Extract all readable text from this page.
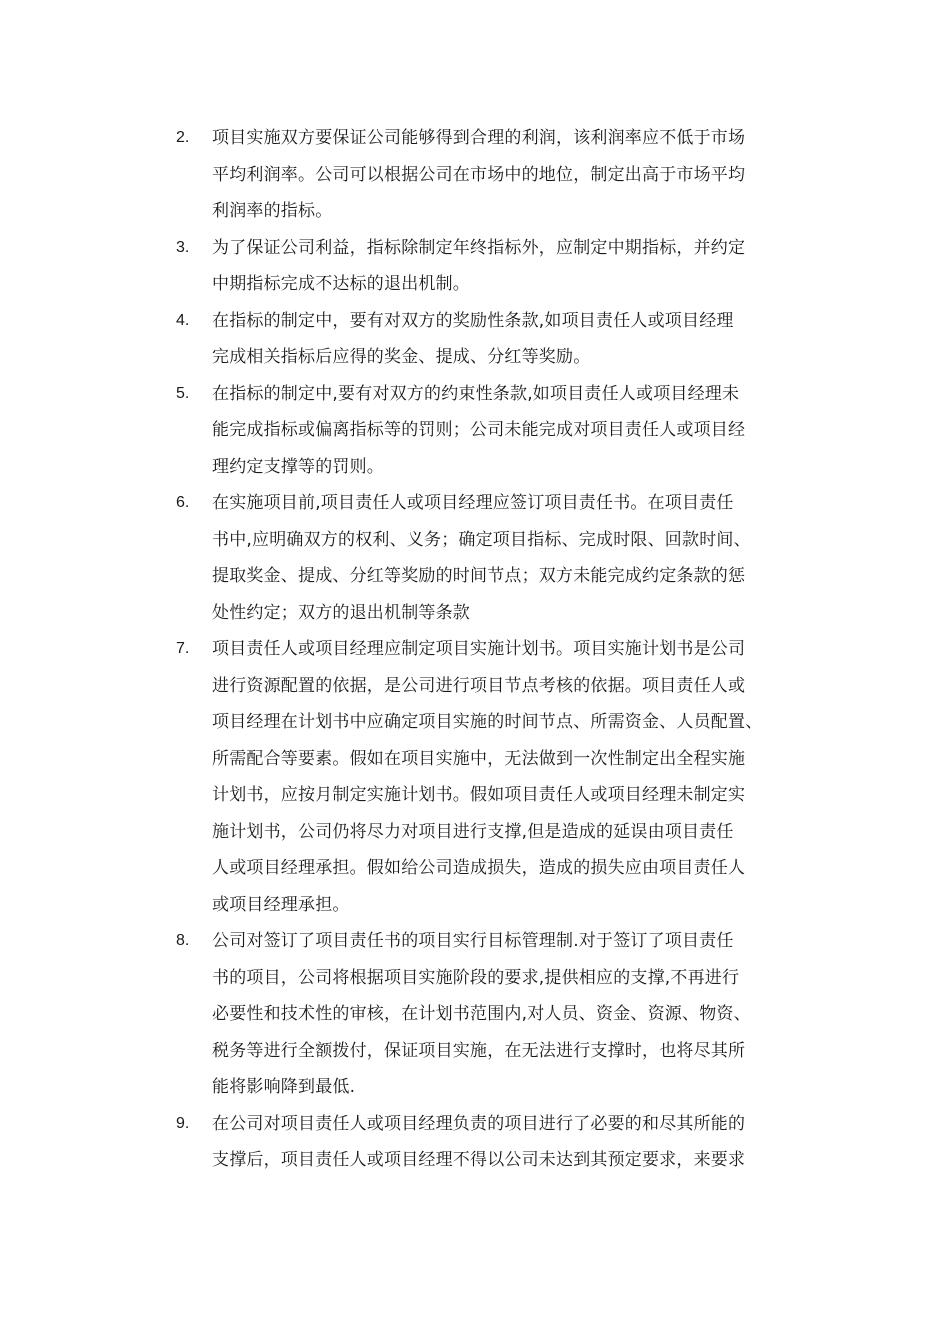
2.	项目实施双方要保证公司能够得到合理的利润，该利润率应不低于市场
平均利润率。公司可以根据公司在市场中的地位，制定出高于市场平均
利润率的指标。
3.	为了保证公司利益，指标除制定年终指标外，应制定中期指标，并约定
中期指标完成不达标的退出机制。
4.	在指标的制定中，要有对双方的奖励性条款,如项目责任人或项目经理
完成相关指标后应得的奖金、提成、分红等奖励。
5.	在指标的制定中,要有对双方的约束性条款,如项目责任人或项目经理未
能完成指标或偏离指标等的罚则；公司未能完成对项目责任人或项目经
理约定支撑等的罚则。
6.	在实施项目前,项目责任人或项目经理应签订项目责任书。在项目责任
书中,应明确双方的权利、义务；确定项目指标、完成时限、回款时间、
提取奖金、提成、分红等奖励的时间节点；双方未能完成约定条款的惩
处性约定；双方的退出机制等条款
7.	项目责任人或项目经理应制定项目实施计划书。项目实施计划书是公司
进行资源配置的依据，是公司进行项目节点考核的依据。项目责任人或
项目经理在计划书中应确定项目实施的时间节点、所需资金、人员配置、
所需配合等要素。假如在项目实施中，无法做到一次性制定出全程实施
计划书，应按月制定实施计划书。假如项目责任人或项目经理未制定实
施计划书，公司仍将尽力对项目进行支撑,但是造成的延误由项目责任
人或项目经理承担。假如给公司造成损失，造成的损失应由项目责任人
或项目经理承担。
8.	公司对签订了项目责任书的项目实行目标管理制.对于签订了项目责任
书的项目，公司将根据项目实施阶段的要求,提供相应的支撑,不再进行
必要性和技术性的审核，在计划书范围内,对人员、资金、资源、物资、
税务等进行全额拨付，保证项目实施，在无法进行支撑时，也将尽其所
能将影响降到最低.
9.	在公司对项目责任人或项目经理负责的项目进行了必要的和尽其所能的
支撑后，项目责任人或项目经理不得以公司未达到其预定要求，来要求
